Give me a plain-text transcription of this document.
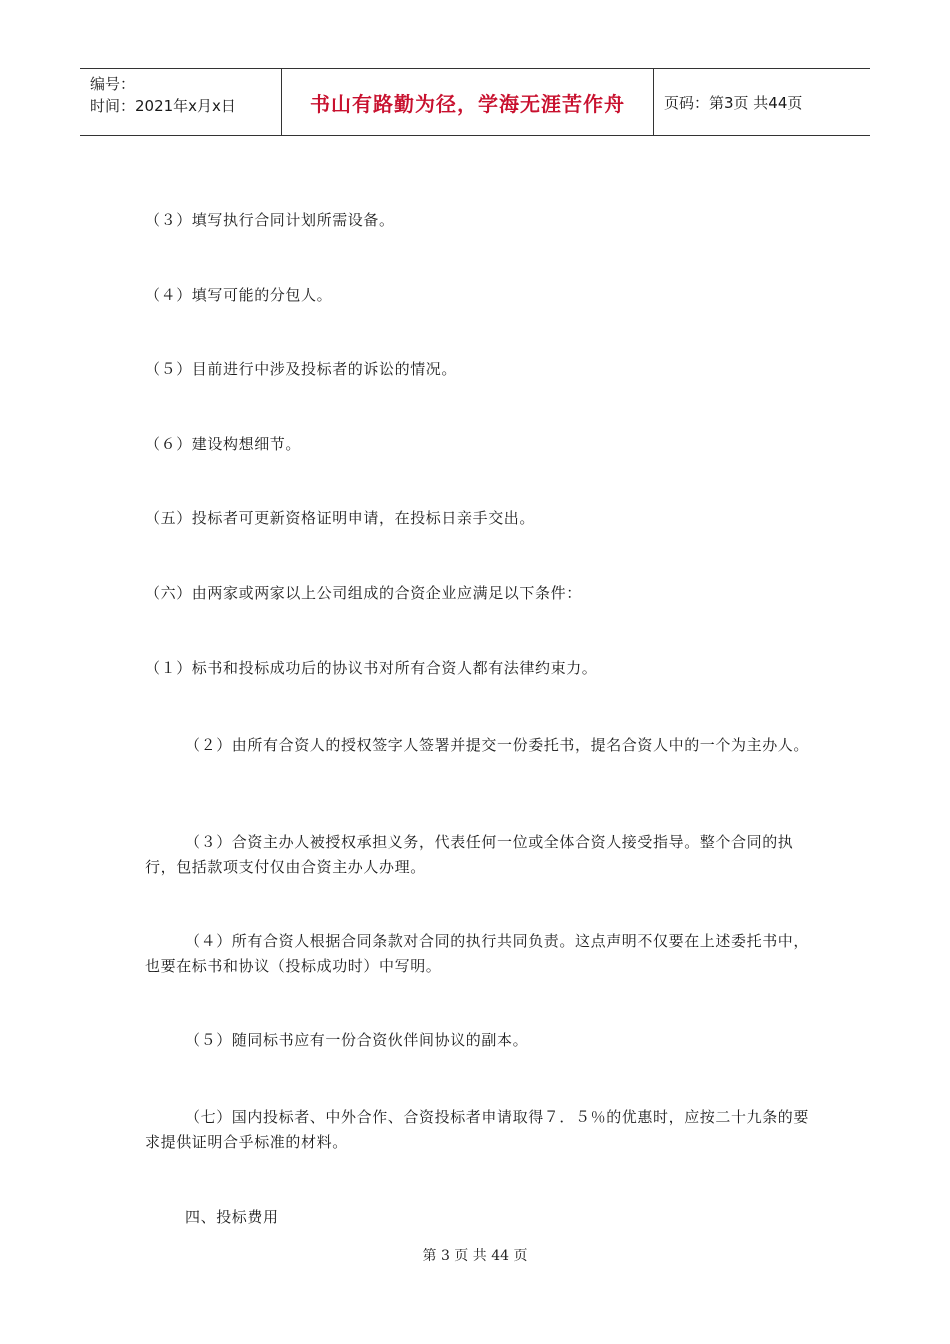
编号：
时间：2021年x月x日	书山有路勤为径，学海无涯苦作舟	页码：第3页 共44页

（３）填写执行合同计划所需设备。

（４）填写可能的分包人。

（５）目前进行中涉及投标者的诉讼的情况。

（６）建设构想细节。

（五）投标者可更新资格证明申请，在投标日亲手交出。

（六）由两家或两家以上公司组成的合资企业应满足以下条件：

（１）标书和投标成功后的协议书对所有合资人都有法律约束力。

（２）由所有合资人的授权签字人签署并提交一份委托书，提名合资人中的一个为主办人。

（３）合资主办人被授权承担义务，代表任何一位或全体合资人接受指导。整个合同的执行，包括款项支付仅由合资主办人办理。

（４）所有合资人根据合同条款对合同的执行共同负责。这点声明不仅要在上述委托书中，也要在标书和协议（投标成功时）中写明。

（５）随同标书应有一份合资伙伴间协议的副本。

（七）国内投标者、中外合作、合资投标者申请取得７．５％的优惠时，应按二十九条的要求提供证明合乎标准的材料。

四、投标费用

第 3 页 共 44 页
